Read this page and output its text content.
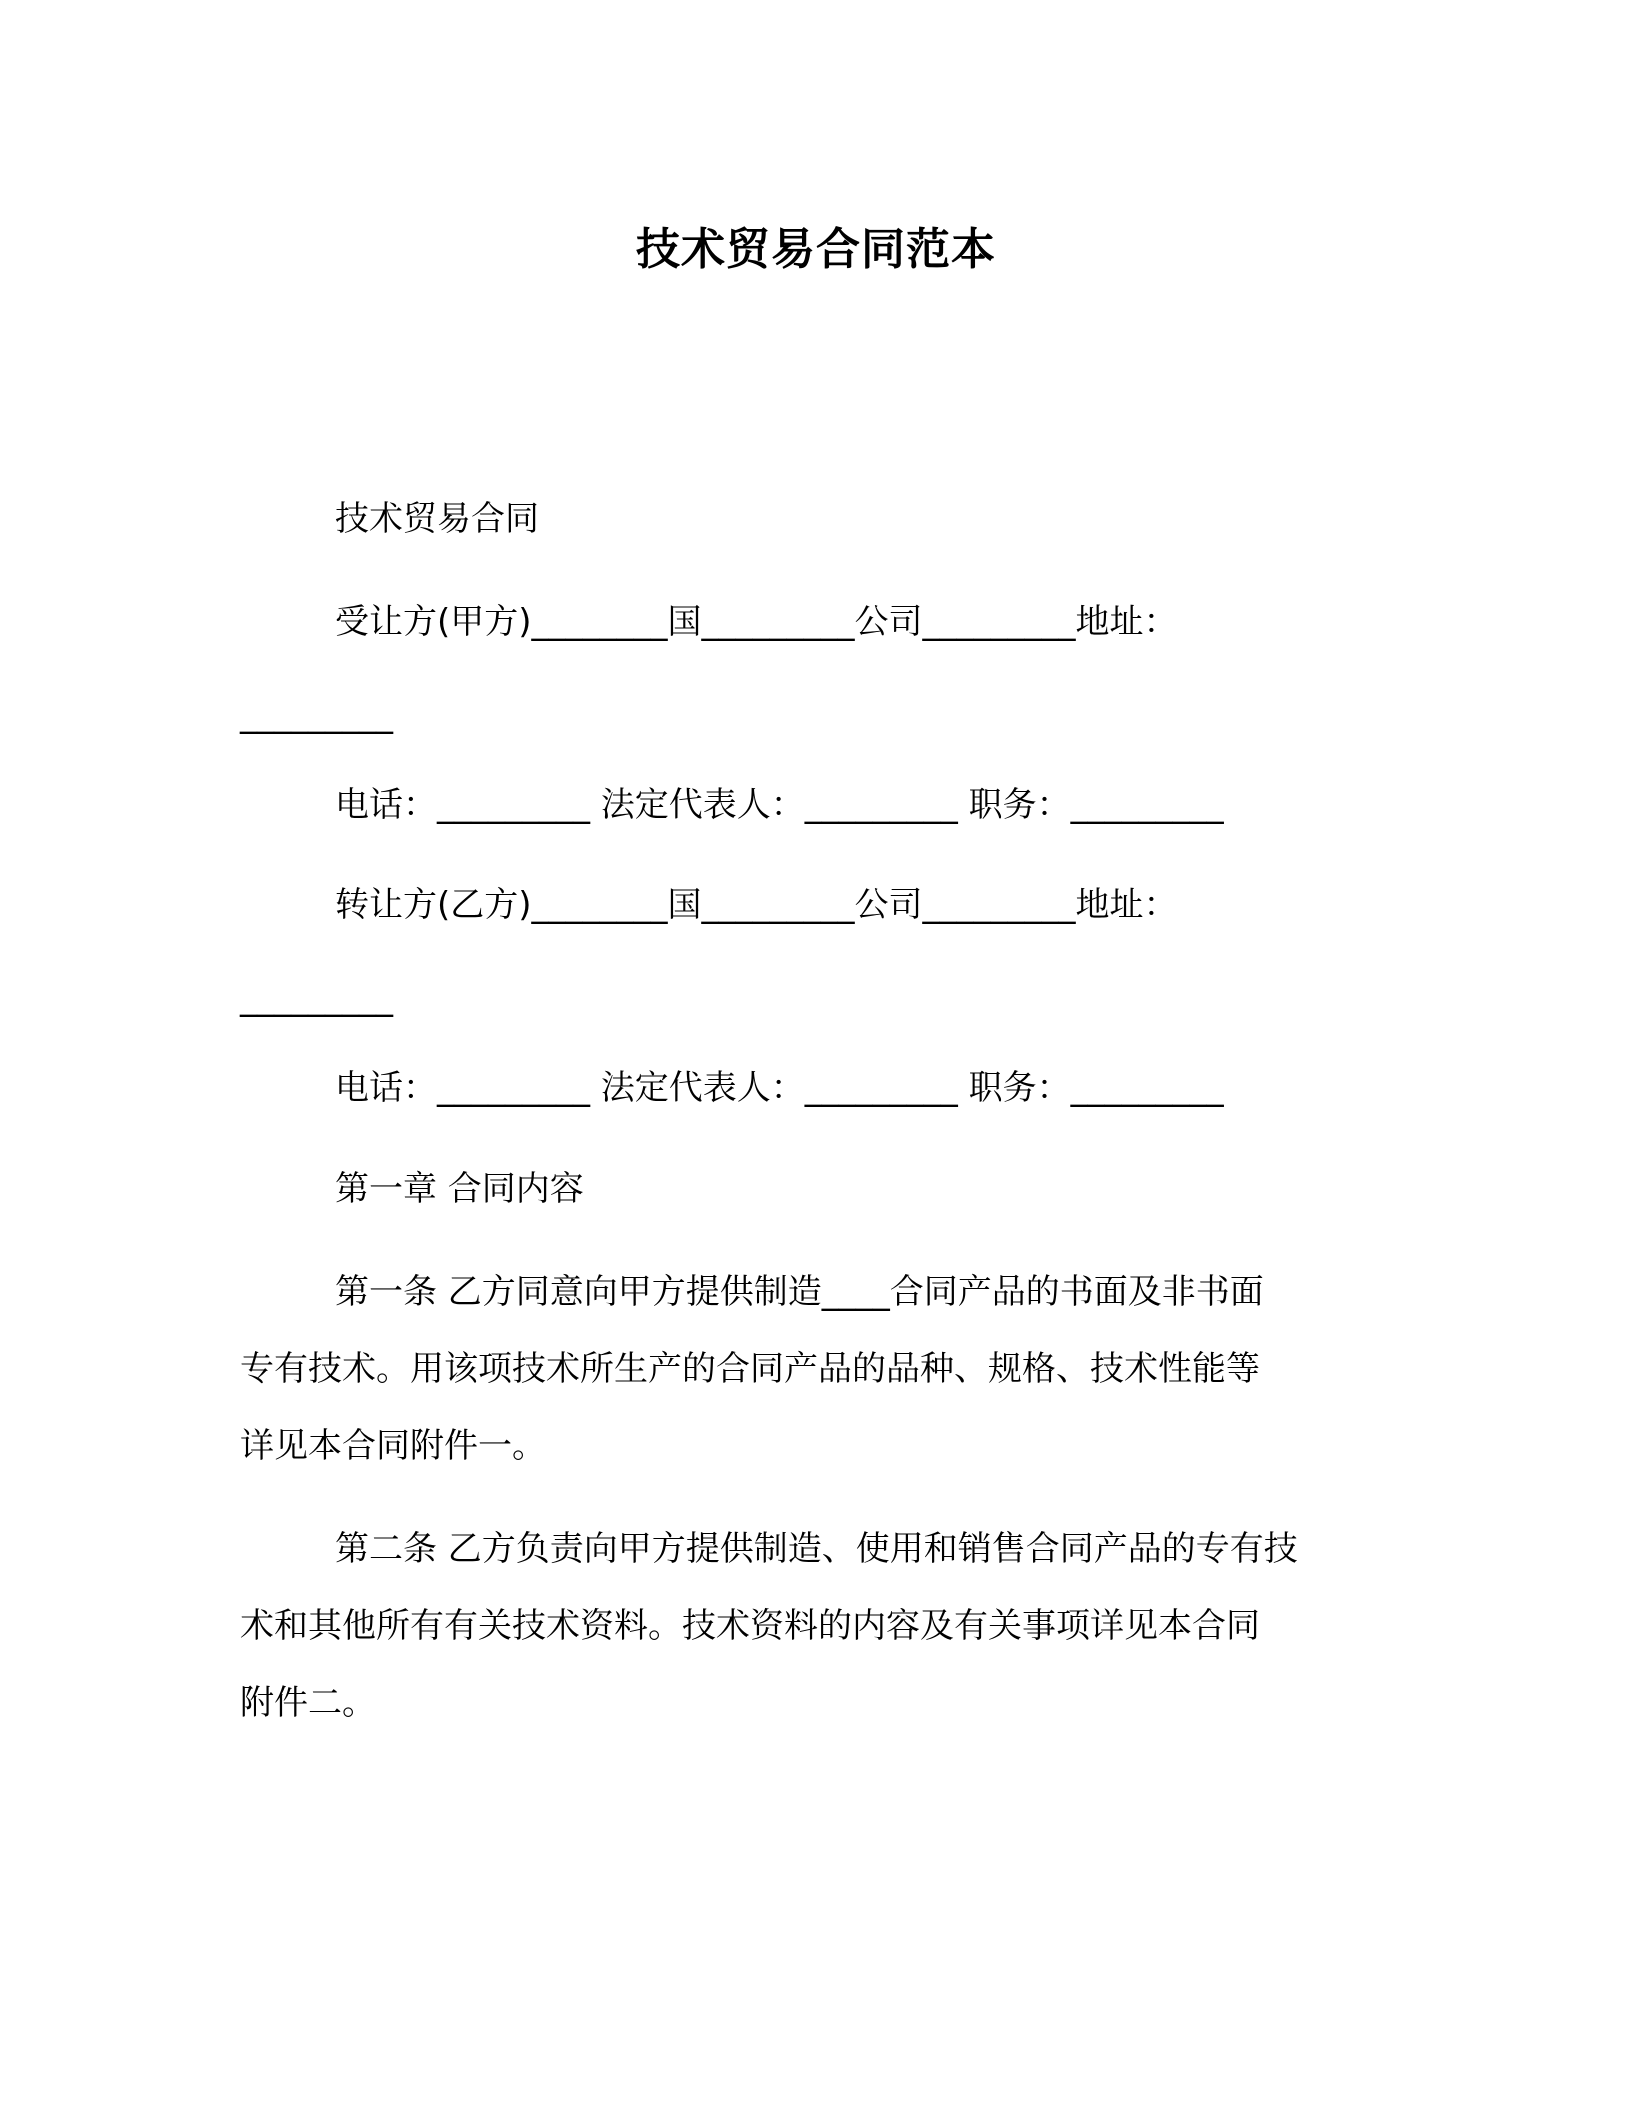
技术贸易合同范本
技术贸易合同
受让方(甲方)________国_________公司_________地址：
_________
电话：_________ 法定代表人：_________ 职务：_________
转让方(乙方)________国_________公司_________地址：
_________
电话：_________ 法定代表人：_________ 职务：_________
第一章 合同内容
第一条 乙方同意向甲方提供制造____合同产品的书面及非书面
专有技术。用该项技术所生产的合同产品的品种、规格、技术性能等
详见本合同附件一。
第二条 乙方负责向甲方提供制造、使用和销售合同产品的专有技
术和其他所有有关技术资料。技术资料的内容及有关事项详见本合同
附件二。
